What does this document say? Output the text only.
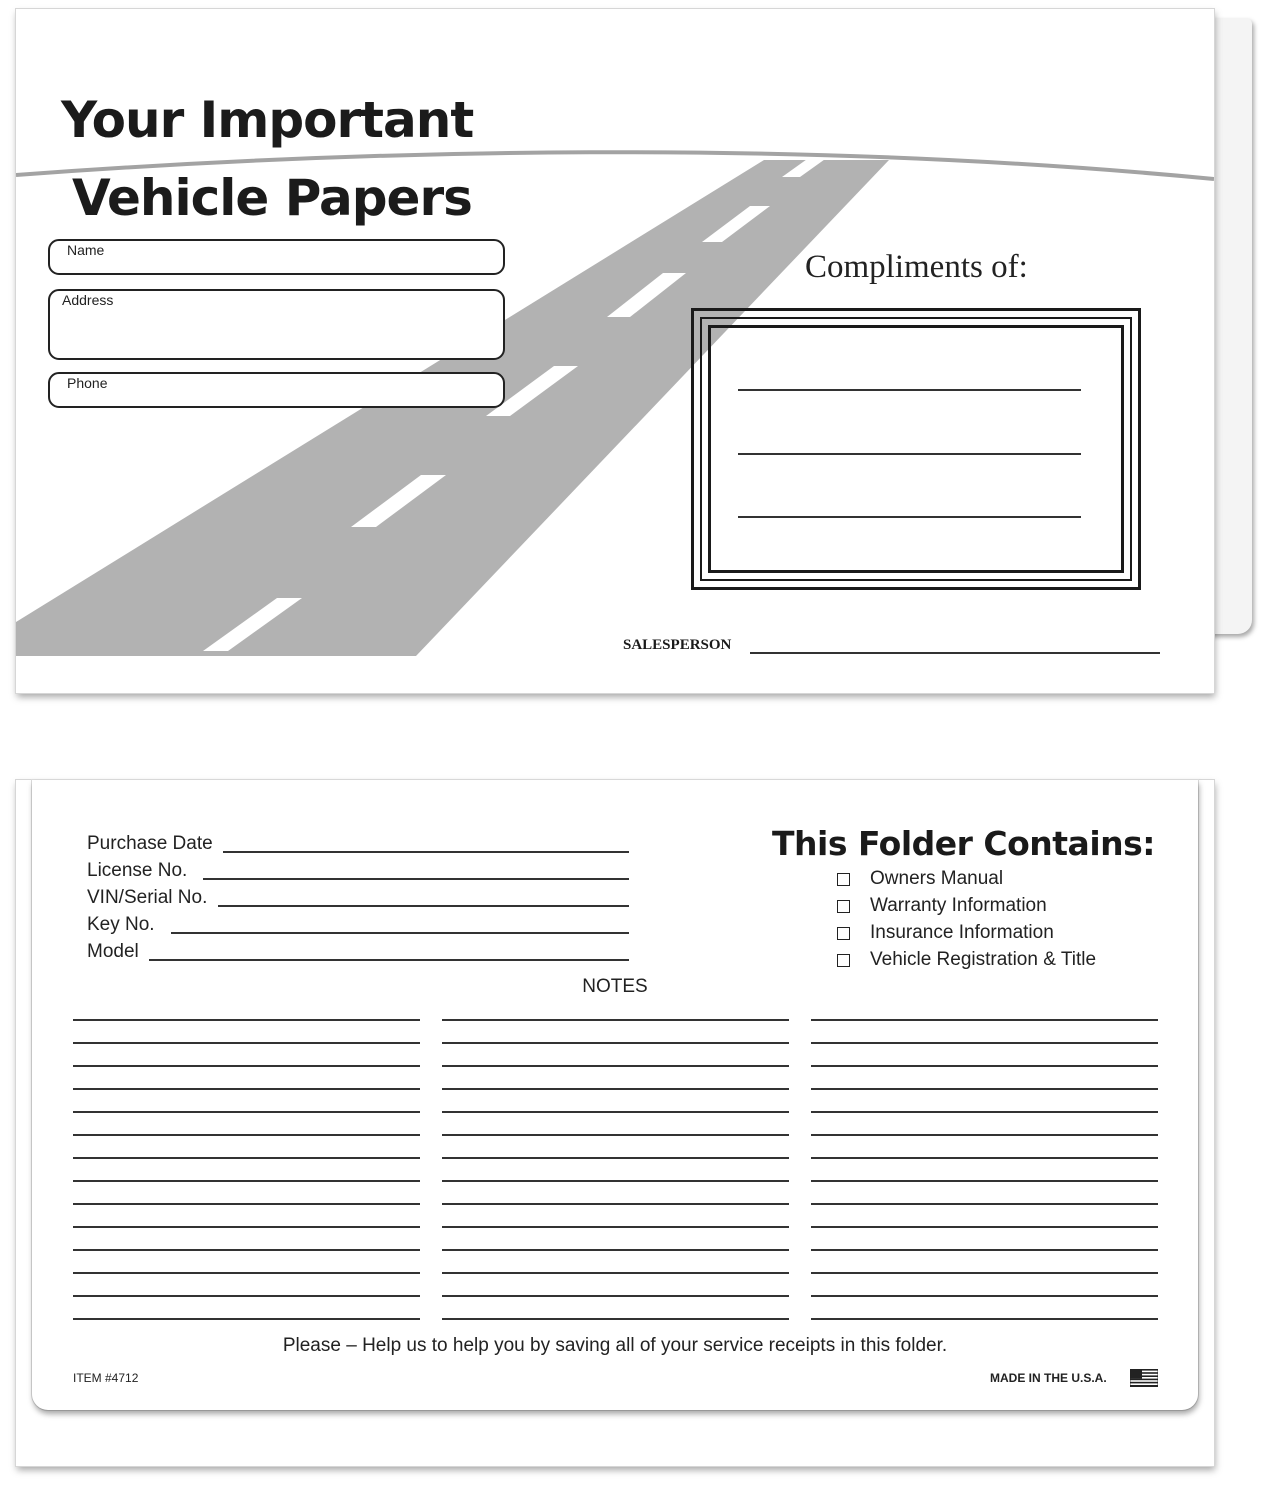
Your Important
Vehicle Papers
Name
Address
Phone
Compliments of:
SALESPERSON
Purchase Date
License No.
VIN/Serial No.
Key No.
Model
This Folder Contains:
Owners Manual
Warranty Information
Insurance Information
Vehicle Registration & Title
NOTES
Please – Help us to help you by saving all of your service receipts in this folder.
ITEM #4712	MADE IN THE U.S.A.
